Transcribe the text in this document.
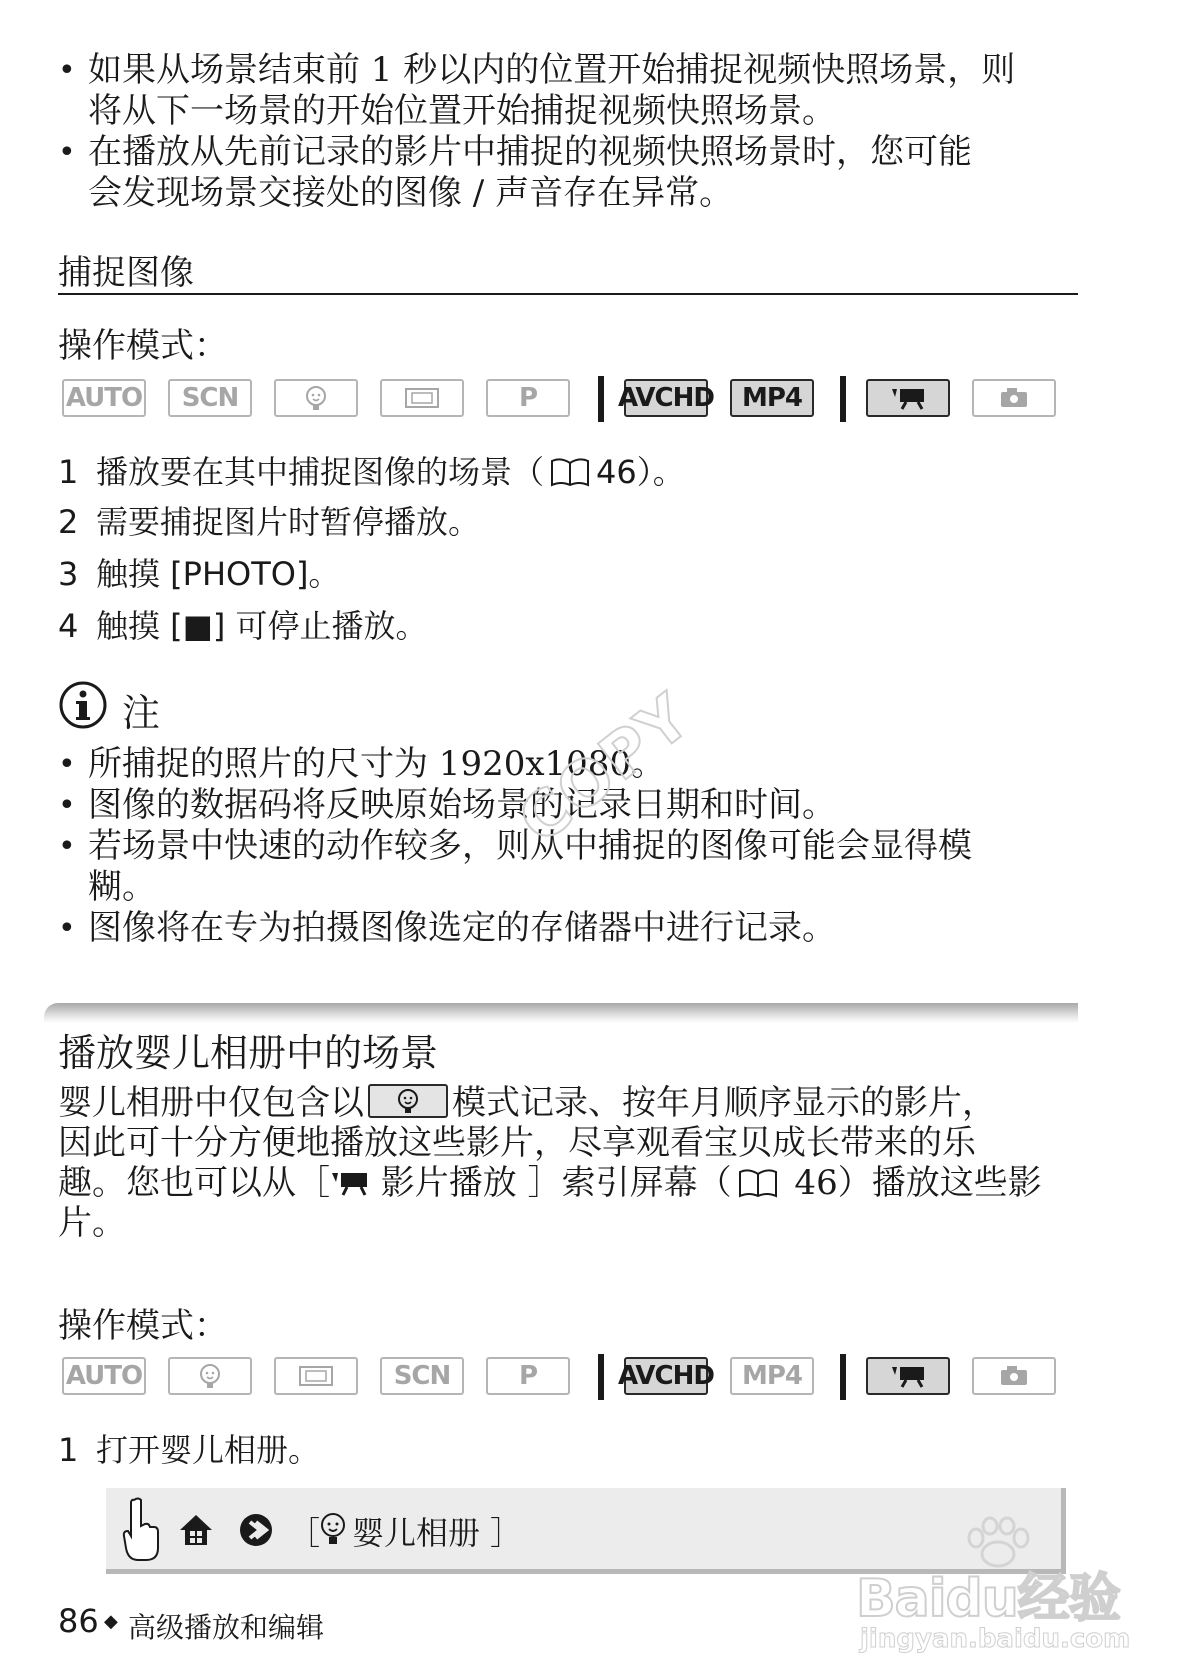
• 如果从场景结束前 1 秒以内的位置开始捕捉视频快照场景，则
将从下一场景的开始位置开始捕捉视频快照场景。
• 在播放从先前记录的影片中捕捉的视频快照场景时，您可能
会发现场景交接处的图像 / 声音存在异常。
捕捉图像
操作模式：
AUTO	SCN	P	AVCHD	MP4
1 播放要在其中捕捉图像的场景（ 46）。
2 需要捕捉图片时暂停播放。
3 触摸 [PHOTO]。
4 触摸 [■] 可停止播放。
注
• 所捕捉的照片的尺寸为 1920x1080。
• 图像的数据码将反映原始场景的记录日期和时间。
• 若场景中快速的动作较多，则从中捕捉的图像可能会显得模
糊。
• 图像将在专为拍摄图像选定的存储器中进行记录。
COPY
播放婴儿相册中的场景
婴儿相册中仅包含以	模式记录、按年月顺序显示的影片，
因此可十分方便地播放这些影片，尽享观看宝贝成长带来的乐
趣。您也可以从［ 影片播放 ］索引屏幕（ 46）播放这些影
片。
操作模式：
AUTO	SCN	P	AVCHD	MP4
1 打开婴儿相册。
［ 婴儿相册 ］
86 ◆ 高级播放和编辑	Baidu经验
jingyan.baidu.com
